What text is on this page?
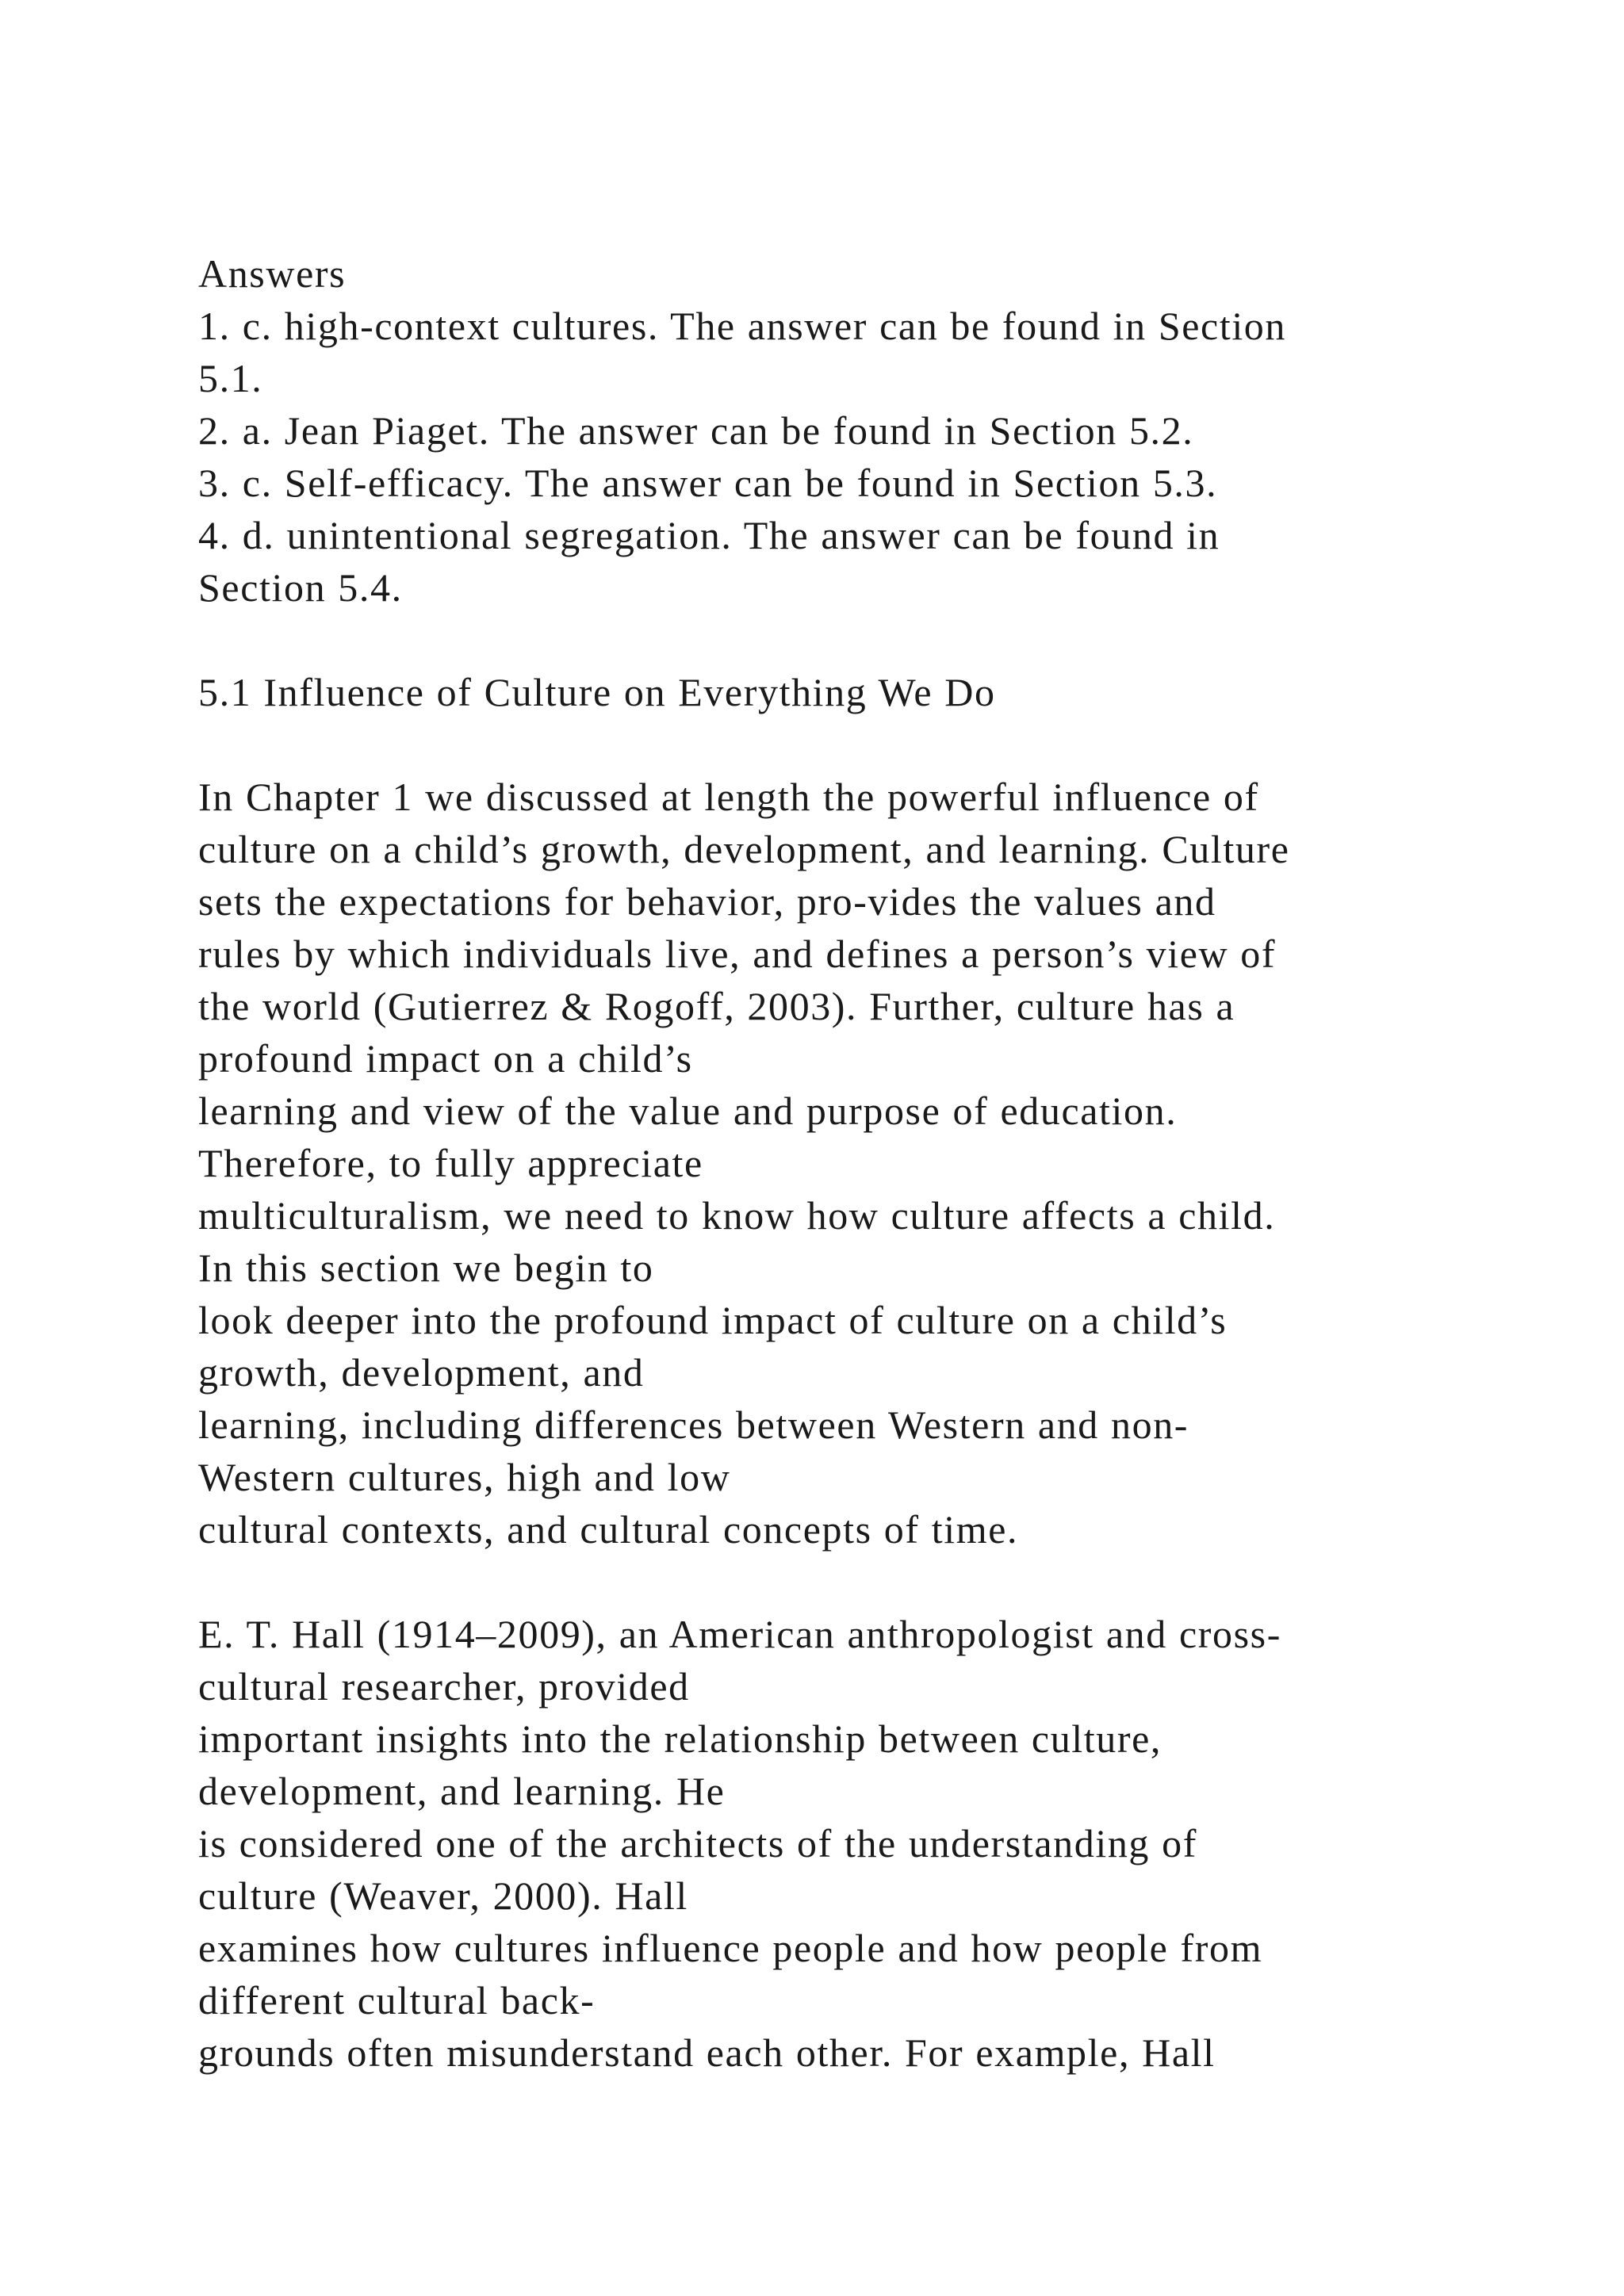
Answers
1. c. high-context cultures. The answer can be found in Section
5.1.
2. a. Jean Piaget. The answer can be found in Section 5.2.
3. c. Self-efficacy. The answer can be found in Section 5.3.
4. d. unintentional segregation. The answer can be found in
Section 5.4.
5.1 Influence of Culture on Everything We Do
In Chapter 1 we discussed at length the powerful influence of
culture on a child’s growth, development, and learning. Culture
sets the expectations for behavior, pro-vides the values and
rules by which individuals live, and defines a person’s view of
the world (Gutierrez & Rogoff, 2003). Further, culture has a
profound impact on a child’s
learning and view of the value and purpose of education.
Therefore, to fully appreciate
multiculturalism, we need to know how culture affects a child.
In this section we begin to
look deeper into the profound impact of culture on a child’s
growth, development, and
learning, including differences between Western and non-
Western cultures, high and low
cultural contexts, and cultural concepts of time.
E. T. Hall (1914–2009), an American anthropologist and cross-
cultural researcher, provided
important insights into the relationship between culture,
development, and learning. He
is considered one of the architects of the understanding of
culture (Weaver, 2000). Hall
examines how cultures influence people and how people from
different cultural back-
grounds often misunderstand each other. For example, Hall
